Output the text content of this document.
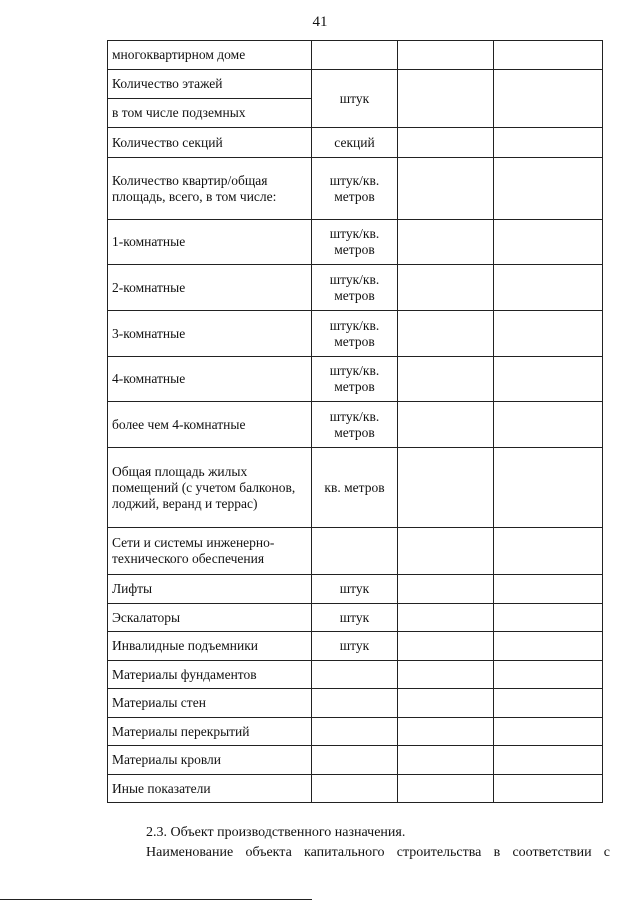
41
многоквартирном доме			
Количество этажей	штук		
в том числе подземных			
Количество секций	секций		
Количество квартир/общая площадь, всего, в том числе:	штук/кв. метров		
1-комнатные	штук/кв. метров		
2-комнатные	штук/кв. метров		
3-комнатные	штук/кв. метров		
4-комнатные	штук/кв. метров		
более чем 4-комнатные	штук/кв. метров		
Общая площадь жилых помещений (с учетом балконов, лоджий, веранд и террас)	кв. метров		
Сети и системы инженерно-технического обеспечения			
Лифты	штук		
Эскалаторы	штук		
Инвалидные подъемники	штук		
Материалы фундаментов			
Материалы стен			
Материалы перекрытий			
Материалы кровли			
Иные показатели			
2.3. Объект производственного назначения.
Наименование объекта капитального строительства в соответствии с
